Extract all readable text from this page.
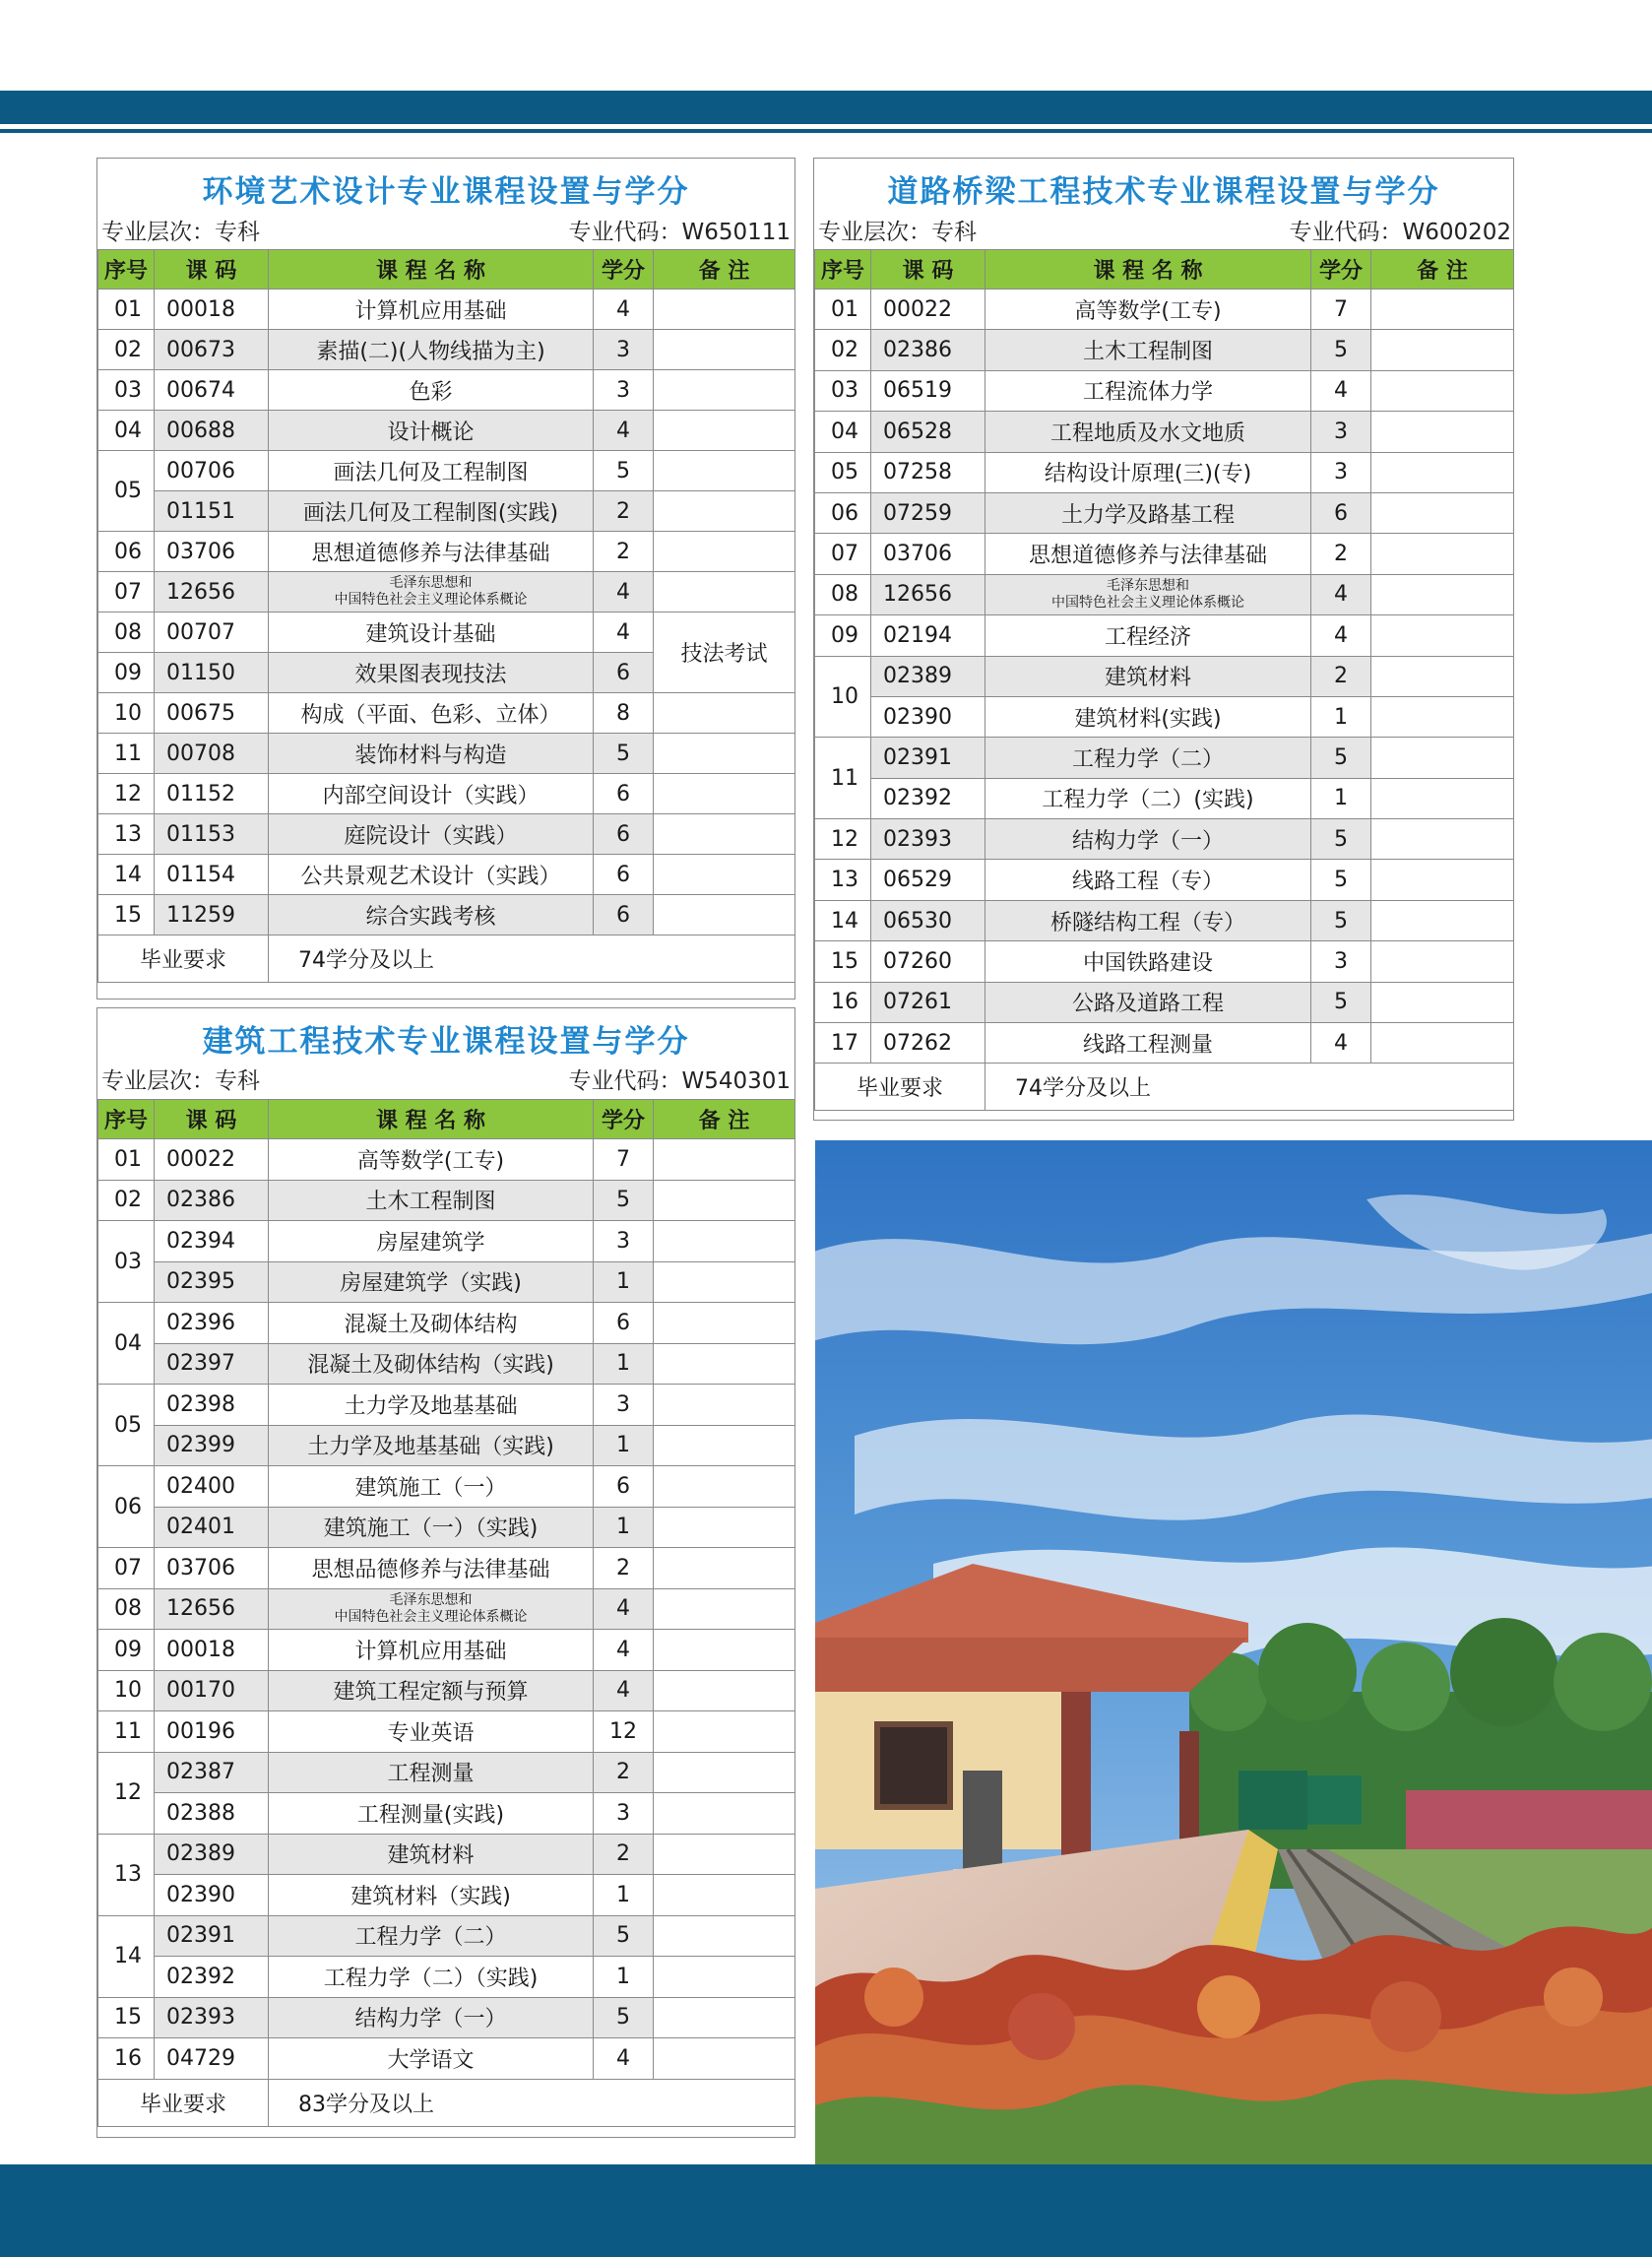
环境艺术设计专业课程设置与学分
专业层次：专科	专业代码：W650111
序号	课 码	课 程 名 称	学分	备 注
01	00018	计算机应用基础	4	
02	00673	素描(二)(人物线描为主)	3	
03	00674	色彩	3	
04	00688	设计概论	4	
05	00706	画法几何及工程制图	5	
	01151	画法几何及工程制图(实践)	2	
06	03706	思想道德修养与法律基础	2	
07	12656	毛泽东思想和
中国特色社会主义理论体系概论	4	
08	00707	建筑设计基础	4	技法考试
09	01150	效果图表现技法	6	
10	00675	构成（平面、色彩、立体）	8	
11	00708	装饰材料与构造	5	
12	01152	内部空间设计（实践）	6	
13	01153	庭院设计（实践）	6	
14	01154	公共景观艺术设计（实践）	6	
15	11259	综合实践考核	6	
毕业要求		74学分及以上		
建筑工程技术专业课程设置与学分
专业层次：专科	专业代码：W540301
序号	课 码	课 程 名 称	学分	备 注
01	00022	高等数学(工专)	7	
02	02386	土木工程制图	5	
03	02394	房屋建筑学	3	
	02395	房屋建筑学（实践)	1	
04	02396	混凝土及砌体结构	6	
	02397	混凝土及砌体结构（实践)	1	
05	02398	土力学及地基基础	3	
	02399	土力学及地基基础（实践)	1	
06	02400	建筑施工（一）	6	
	02401	建筑施工（一）（实践)	1	
07	03706	思想品德修养与法律基础	2	
08	12656	毛泽东思想和
中国特色社会主义理论体系概论	4	
09	00018	计算机应用基础	4	
10	00170	建筑工程定额与预算	4	
11	00196	专业英语	12	
12	02387	工程测量	2	
	02388	工程测量(实践)	3	
13	02389	建筑材料	2	
	02390	建筑材料（实践)	1	
14	02391	工程力学（二）	5	
	02392	工程力学（二）（实践)	1	
15	02393	结构力学（一）	5	
16	04729	大学语文	4	
毕业要求		83学分及以上		
道路桥梁工程技术专业课程设置与学分
专业层次：专科	专业代码：W600202
序号	课 码	课 程 名 称	学分	备 注
01	00022	高等数学(工专)	7	
02	02386	土木工程制图	5	
03	06519	工程流体力学	4	
04	06528	工程地质及水文地质	3	
05	07258	结构设计原理(三)(专)	3	
06	07259	土力学及路基工程	6	
07	03706	思想道德修养与法律基础	2	
08	12656	毛泽东思想和
中国特色社会主义理论体系概论	4	
09	02194	工程经济	4	
10	02389	建筑材料	2	
	02390	建筑材料(实践)	1	
11	02391	工程力学（二）	5	
	02392	工程力学（二）(实践)	1	
12	02393	结构力学（一）	5	
13	06529	线路工程（专）	5	
14	06530	桥隧结构工程（专）	5	
15	07260	中国铁路建设	3	
16	07261	公路及道路工程	5	
17	07262	线路工程测量	4	
毕业要求		74学分及以上		
